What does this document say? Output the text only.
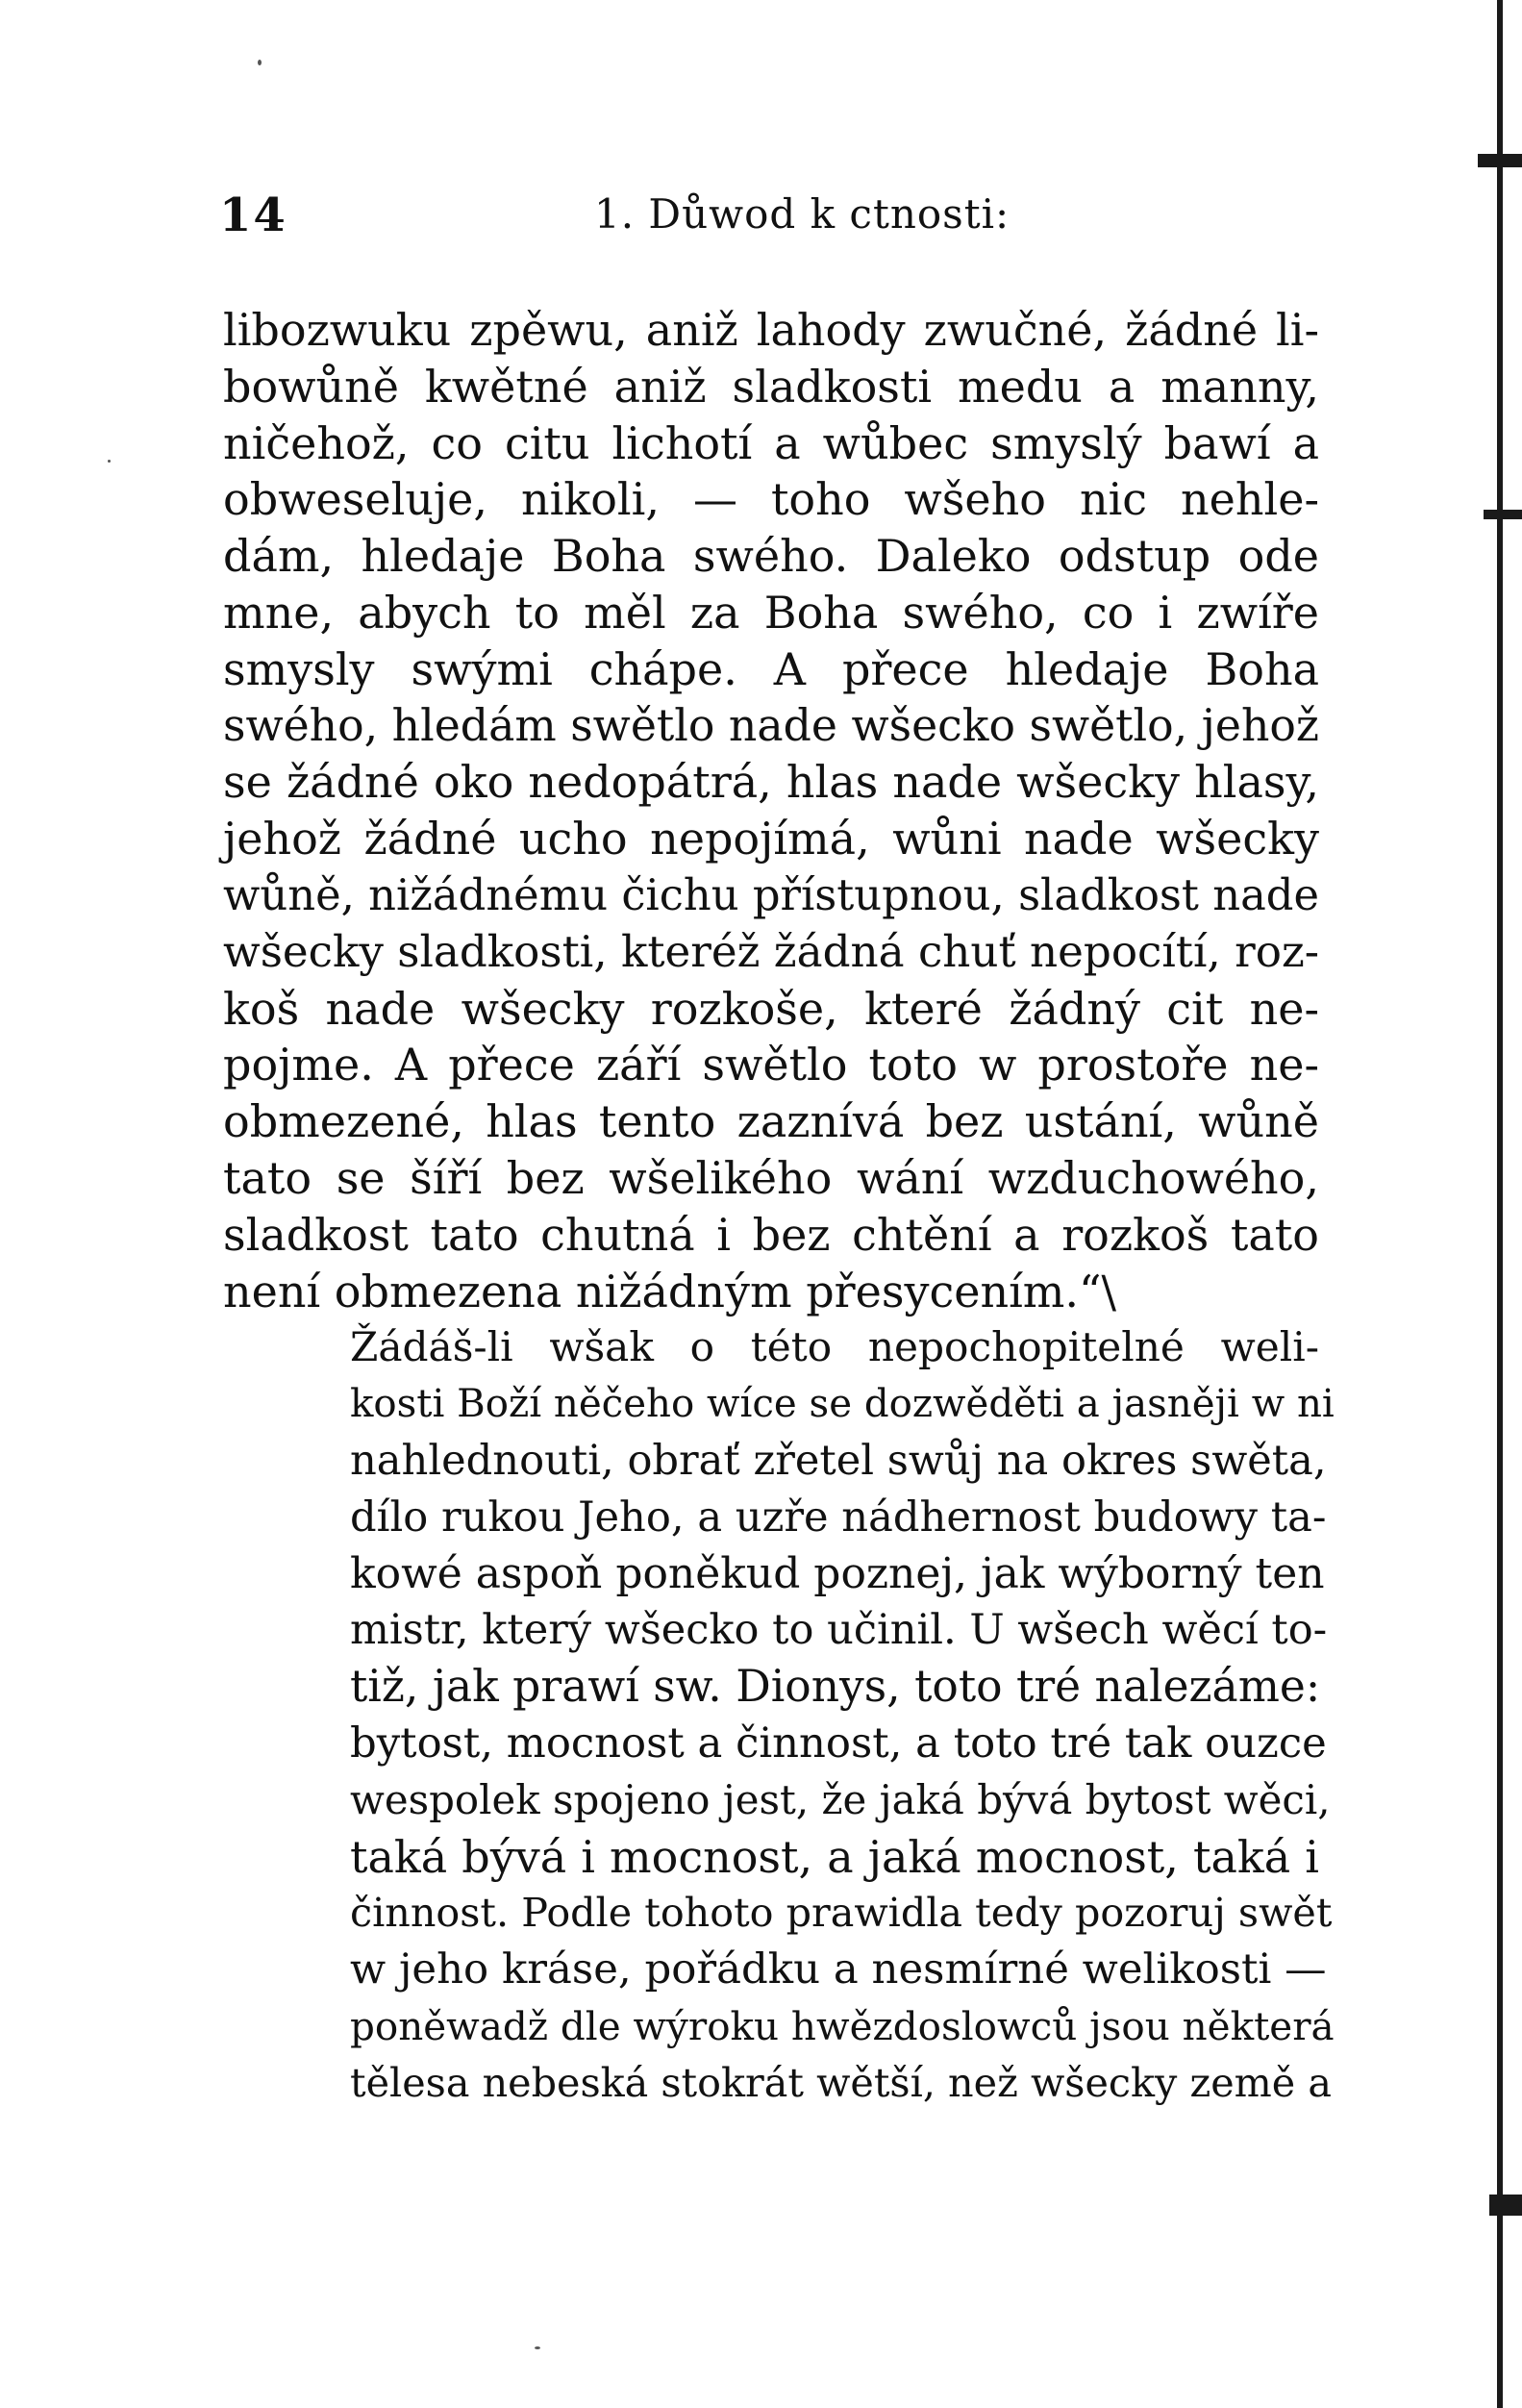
14	1. Důwod k ctnosti:

libozwuku zpěwu, aniž lahody zwučné, žádné li-
bowůně kwětné aniž sladkosti medu a manny,
ničehož, co citu lichotí a wůbec smyslý bawí a
obweseluje, nikoli, — toho wšeho nic nehle-
dám, hledaje Boha swého. Daleko odstup ode
mne, abych to měl za Boha swého, co i zwíře
smysly swými chápe. A přece hledaje Boha
swého, hledám swětlo nade wšecko swětlo, jehož
se žádné oko nedopátrá, hlas nade wšecky hlasy,
jehož žádné ucho nepojímá, wůni nade wšecky
wůně, nižádnému čichu přístupnou, sladkost nade
wšecky sladkosti, kteréž žádná chuť nepocítí, roz-
koš nade wšecky rozkoše, které žádný cit ne-
pojme. A přece září swětlo toto w prostoře ne-
obmezené, hlas tento zaznívá bez ustání, wůně
tato se šíří bez wšelikého wání wzduchowého,
sladkost tato chutná i bez chtění a rozkoš tato
není obmezena nižádným přesycením.“\

Žádáš-li wšak o této nepochopitelné weli-
kosti Boží něčeho wíce se dozwěděti a jasněji w ni
nahlednouti, obrať zřetel swůj na okres swěta,
dílo rukou Jeho, a uzře nádhernost budowy ta-
kowé aspoň poněkud poznej, jak wýborný ten
mistr, který wšecko to učinil. U wšech wěcí to-
tiž, jak prawí sw. Dionys, toto tré nalezáme:
bytost, mocnost a činnost, a toto tré tak ouzce
wespolek spojeno jest, že jaká bývá bytost wěci,
taká bývá i mocnost, a jaká mocnost, taká i
činnost. Podle tohoto prawidla tedy pozoruj swět
w jeho kráse, pořádku a nesmírné welikosti —
poněwadž dle wýroku hwězdoslowců jsou některá
tělesa nebeská stokrát wětší, než wšecky země a
